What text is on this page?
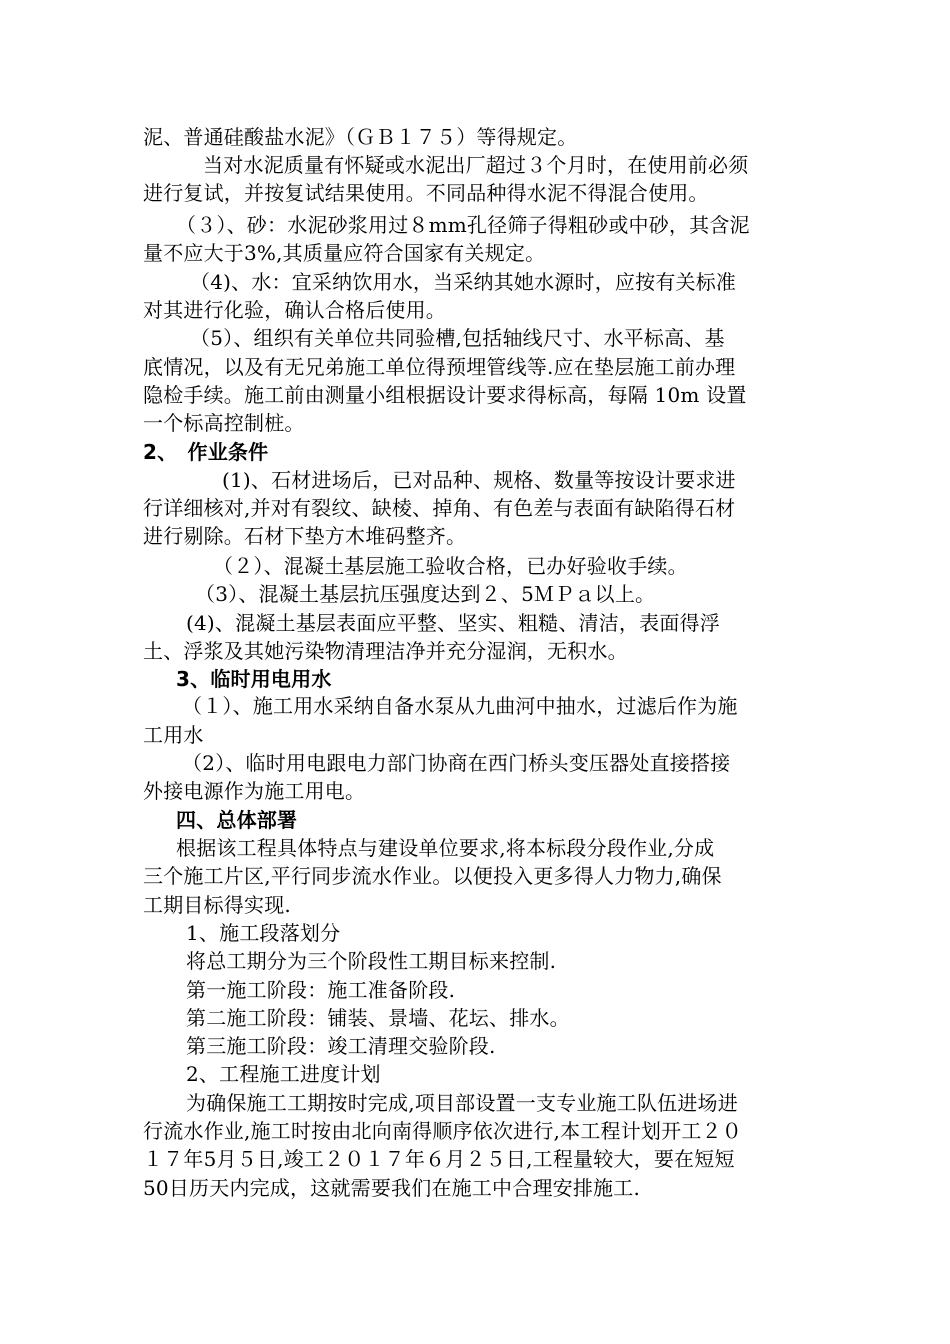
泥、普通硅酸盐水泥》（ＧＢ１７５）等得规定。
当对水泥质量有怀疑或水泥出厂超过３个月时，在使用前必须
进行复试，并按复试结果使用。不同品种得水泥不得混合使用。
（３）、砂：水泥砂浆用过８mm孔径筛子得粗砂或中砂，其含泥
量不应大于3%,其质量应符合国家有关规定。
（4)、水：宜采纳饮用水，当采纳其她水源时，应按有关标准
对其进行化验，确认合格后使用。
（5）、组织有关单位共同验槽,包括轴线尺寸、水平标高、基
底情况，以及有无兄弟施工单位得预埋管线等.应在垫层施工前办理
隐检手续。施工前由测量小组根据设计要求得标高，每隔 10m 设置
一个标高控制桩。
2、　作业条件
(1)、石材进场后，已对品种、规格、数量等按设计要求进
行详细核对,并对有裂纹、缺棱、掉角、有色差与表面有缺陷得石材
进行剔除。石材下垫方木堆码整齐。
（２）、混凝土基层施工验收合格，已办好验收手续。
（3）、混凝土基层抗压强度达到２、5ＭＰａ以上。
(4)、混凝土基层表面应平整、坚实、粗糙、清洁，表面得浮
土、浮浆及其她污染物清理洁净并充分湿润，无积水。
3、临时用电用水
（１）、施工用水采纳自备水泵从九曲河中抽水，过滤后作为施
工用水
（2）、临时用电跟电力部门协商在西门桥头变压器处直接搭接
外接电源作为施工用电。
四、总体部署
根据该工程具体特点与建设单位要求,将本标段分段作业,分成
三个施工片区,平行同步流水作业。以便投入更多得人力物力,确保
工期目标得实现.
1、施工段落划分
将总工期分为三个阶段性工期目标来控制.
第一施工阶段：施工准备阶段.
第二施工阶段：铺装、景墙、花坛、排水。
第三施工阶段：竣工清理交验阶段.
2、工程施工进度计划
为确保施工工期按时完成,项目部设置一支专业施工队伍进场进
行流水作业,施工时按由北向南得顺序依次进行,本工程计划开工２０
１７年5月５日,竣工２０１７年６月２５日,工程量较大，要在短短
50日历天内完成，这就需要我们在施工中合理安排施工.
